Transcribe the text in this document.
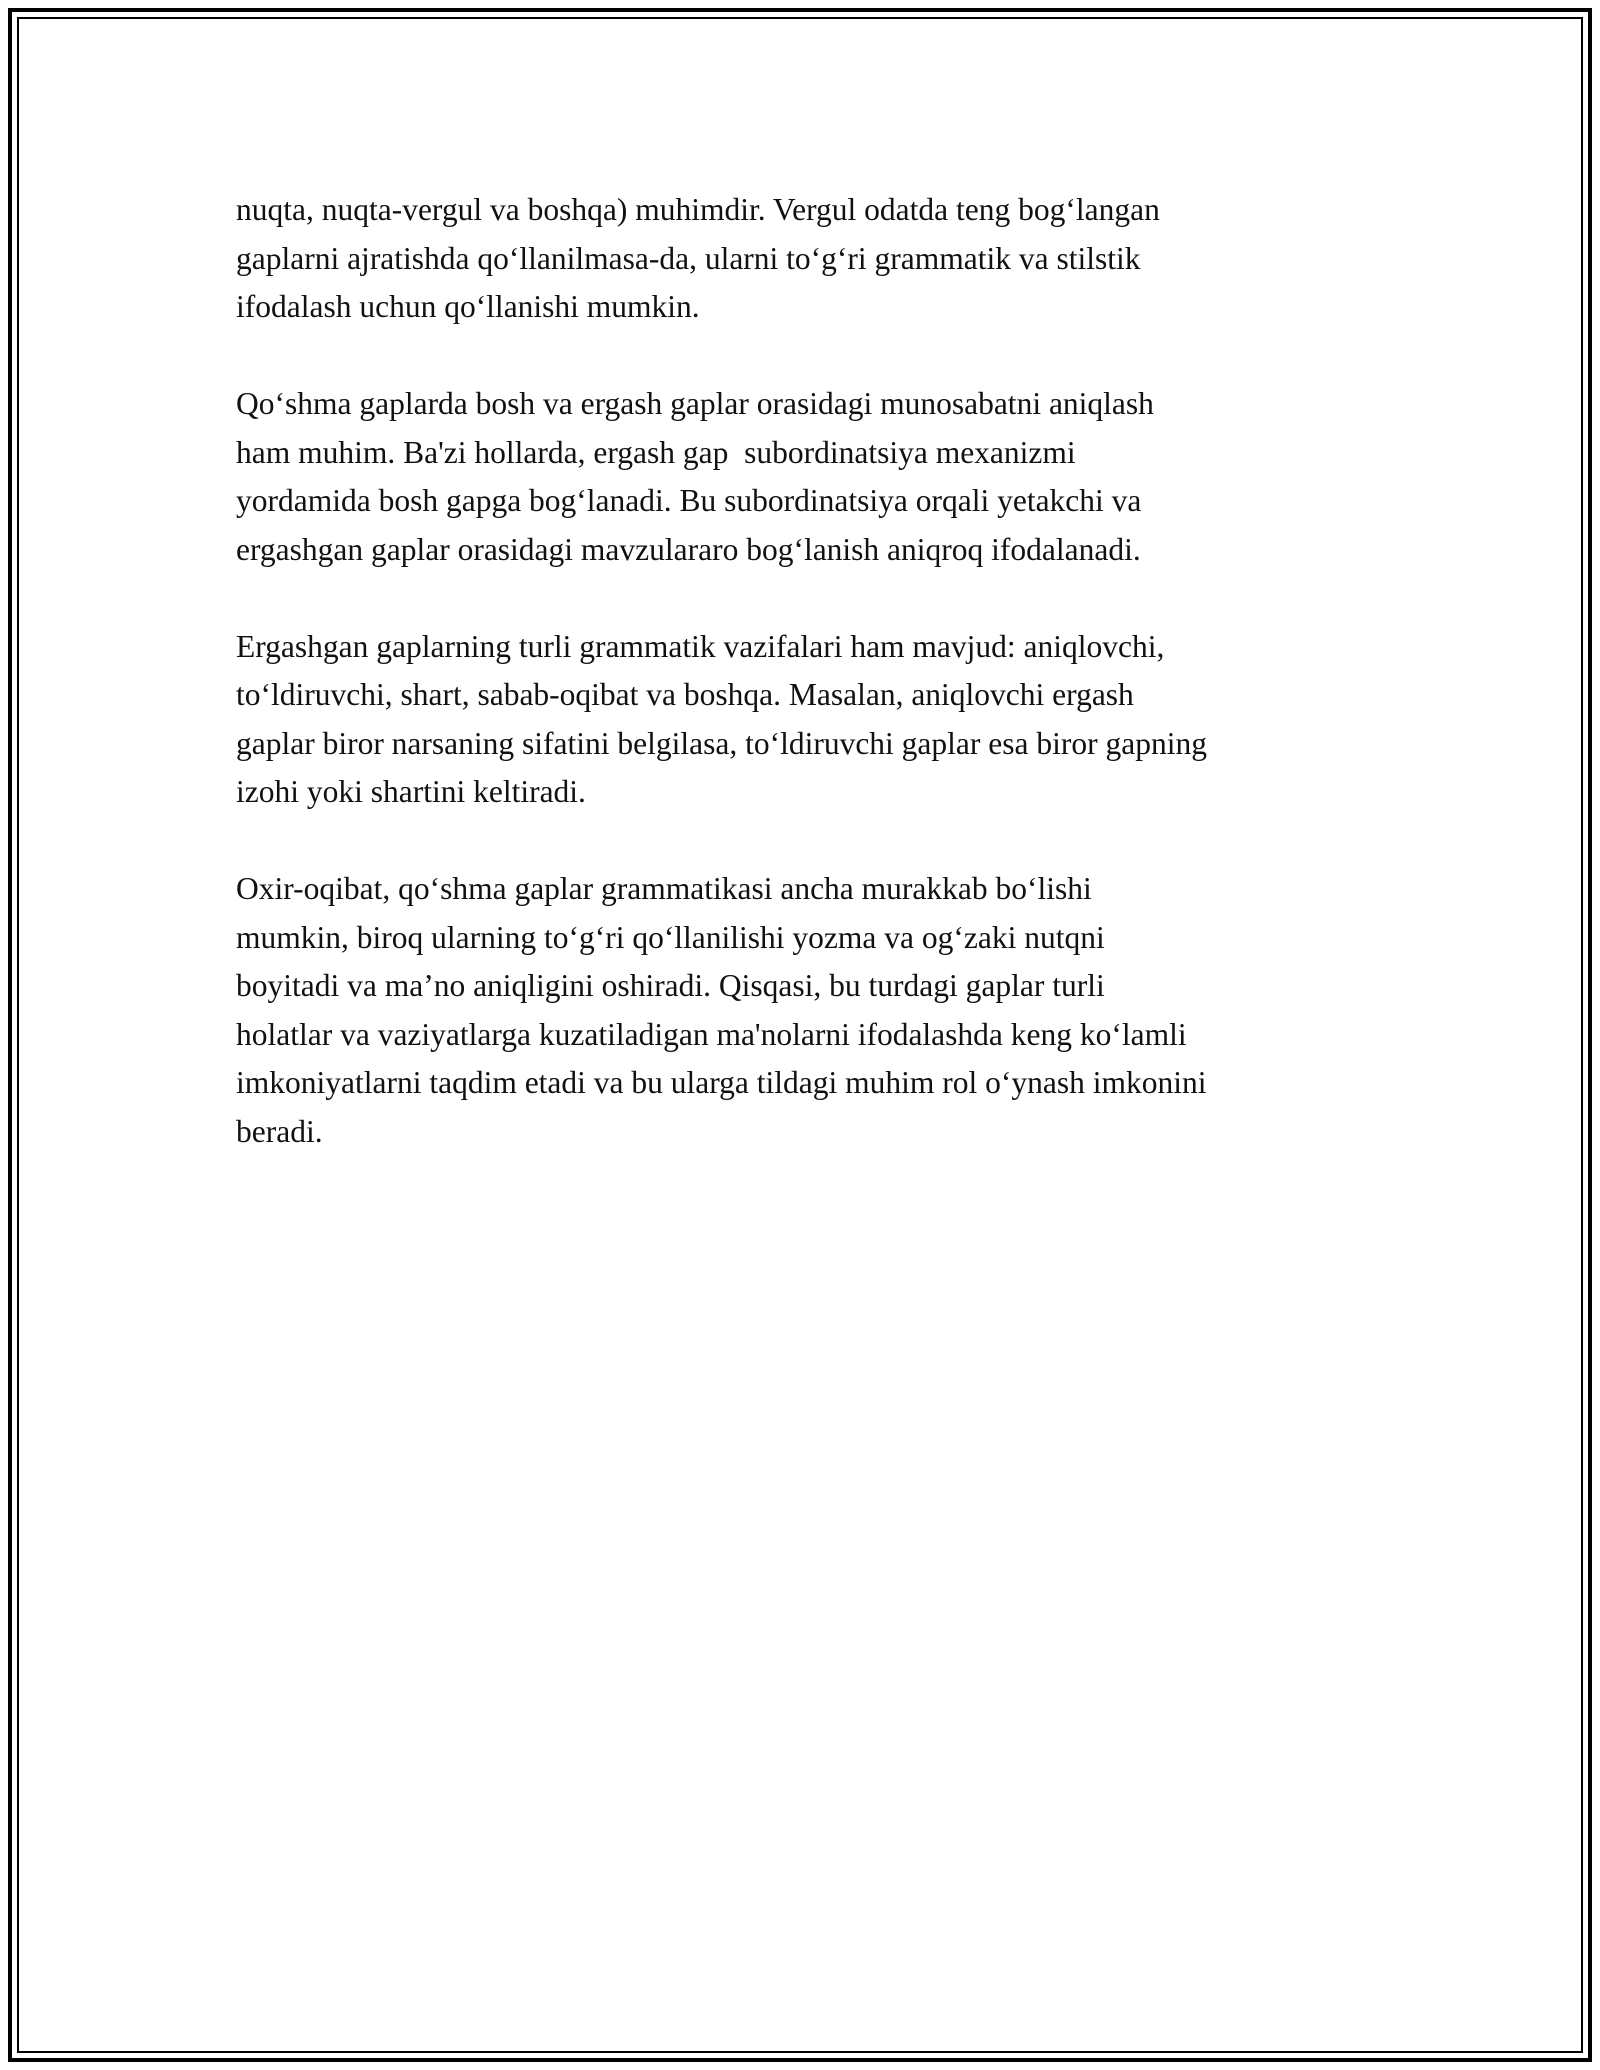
nuqta, nuqta-vergul va boshqa) muhimdir. Vergul odatda teng bog‘langan
gaplarni ajratishda qo‘llanilmasa-da, ularni to‘g‘ri grammatik va stilstik
ifodalash uchun qo‘llanishi mumkin.

Qo‘shma gaplarda bosh va ergash gaplar orasidagi munosabatni aniqlash
ham muhim. Ba'zi hollarda, ergash gap  subordinatsiya mexanizmi
yordamida bosh gapga bog‘lanadi. Bu subordinatsiya orqali yetakchi va
ergashgan gaplar orasidagi mavzulararo bog‘lanish aniqroq ifodalanadi.

Ergashgan gaplarning turli grammatik vazifalari ham mavjud: aniqlovchi,
to‘ldiruvchi, shart, sabab-oqibat va boshqa. Masalan, aniqlovchi ergash
gaplar biror narsaning sifatini belgilasa, to‘ldiruvchi gaplar esa biror gapning
izohi yoki shartini keltiradi.

Oxir-oqibat, qo‘shma gaplar grammatikasi ancha murakkab bo‘lishi
mumkin, biroq ularning to‘g‘ri qo‘llanilishi yozma va og‘zaki nutqni
boyitadi va ma’no aniqligini oshiradi. Qisqasi, bu turdagi gaplar turli
holatlar va vaziyatlarga kuzatiladigan ma'nolarni ifodalashda keng ko‘lamli
imkoniyatlarni taqdim etadi va bu ularga tildagi muhim rol o‘ynash imkonini
beradi.
